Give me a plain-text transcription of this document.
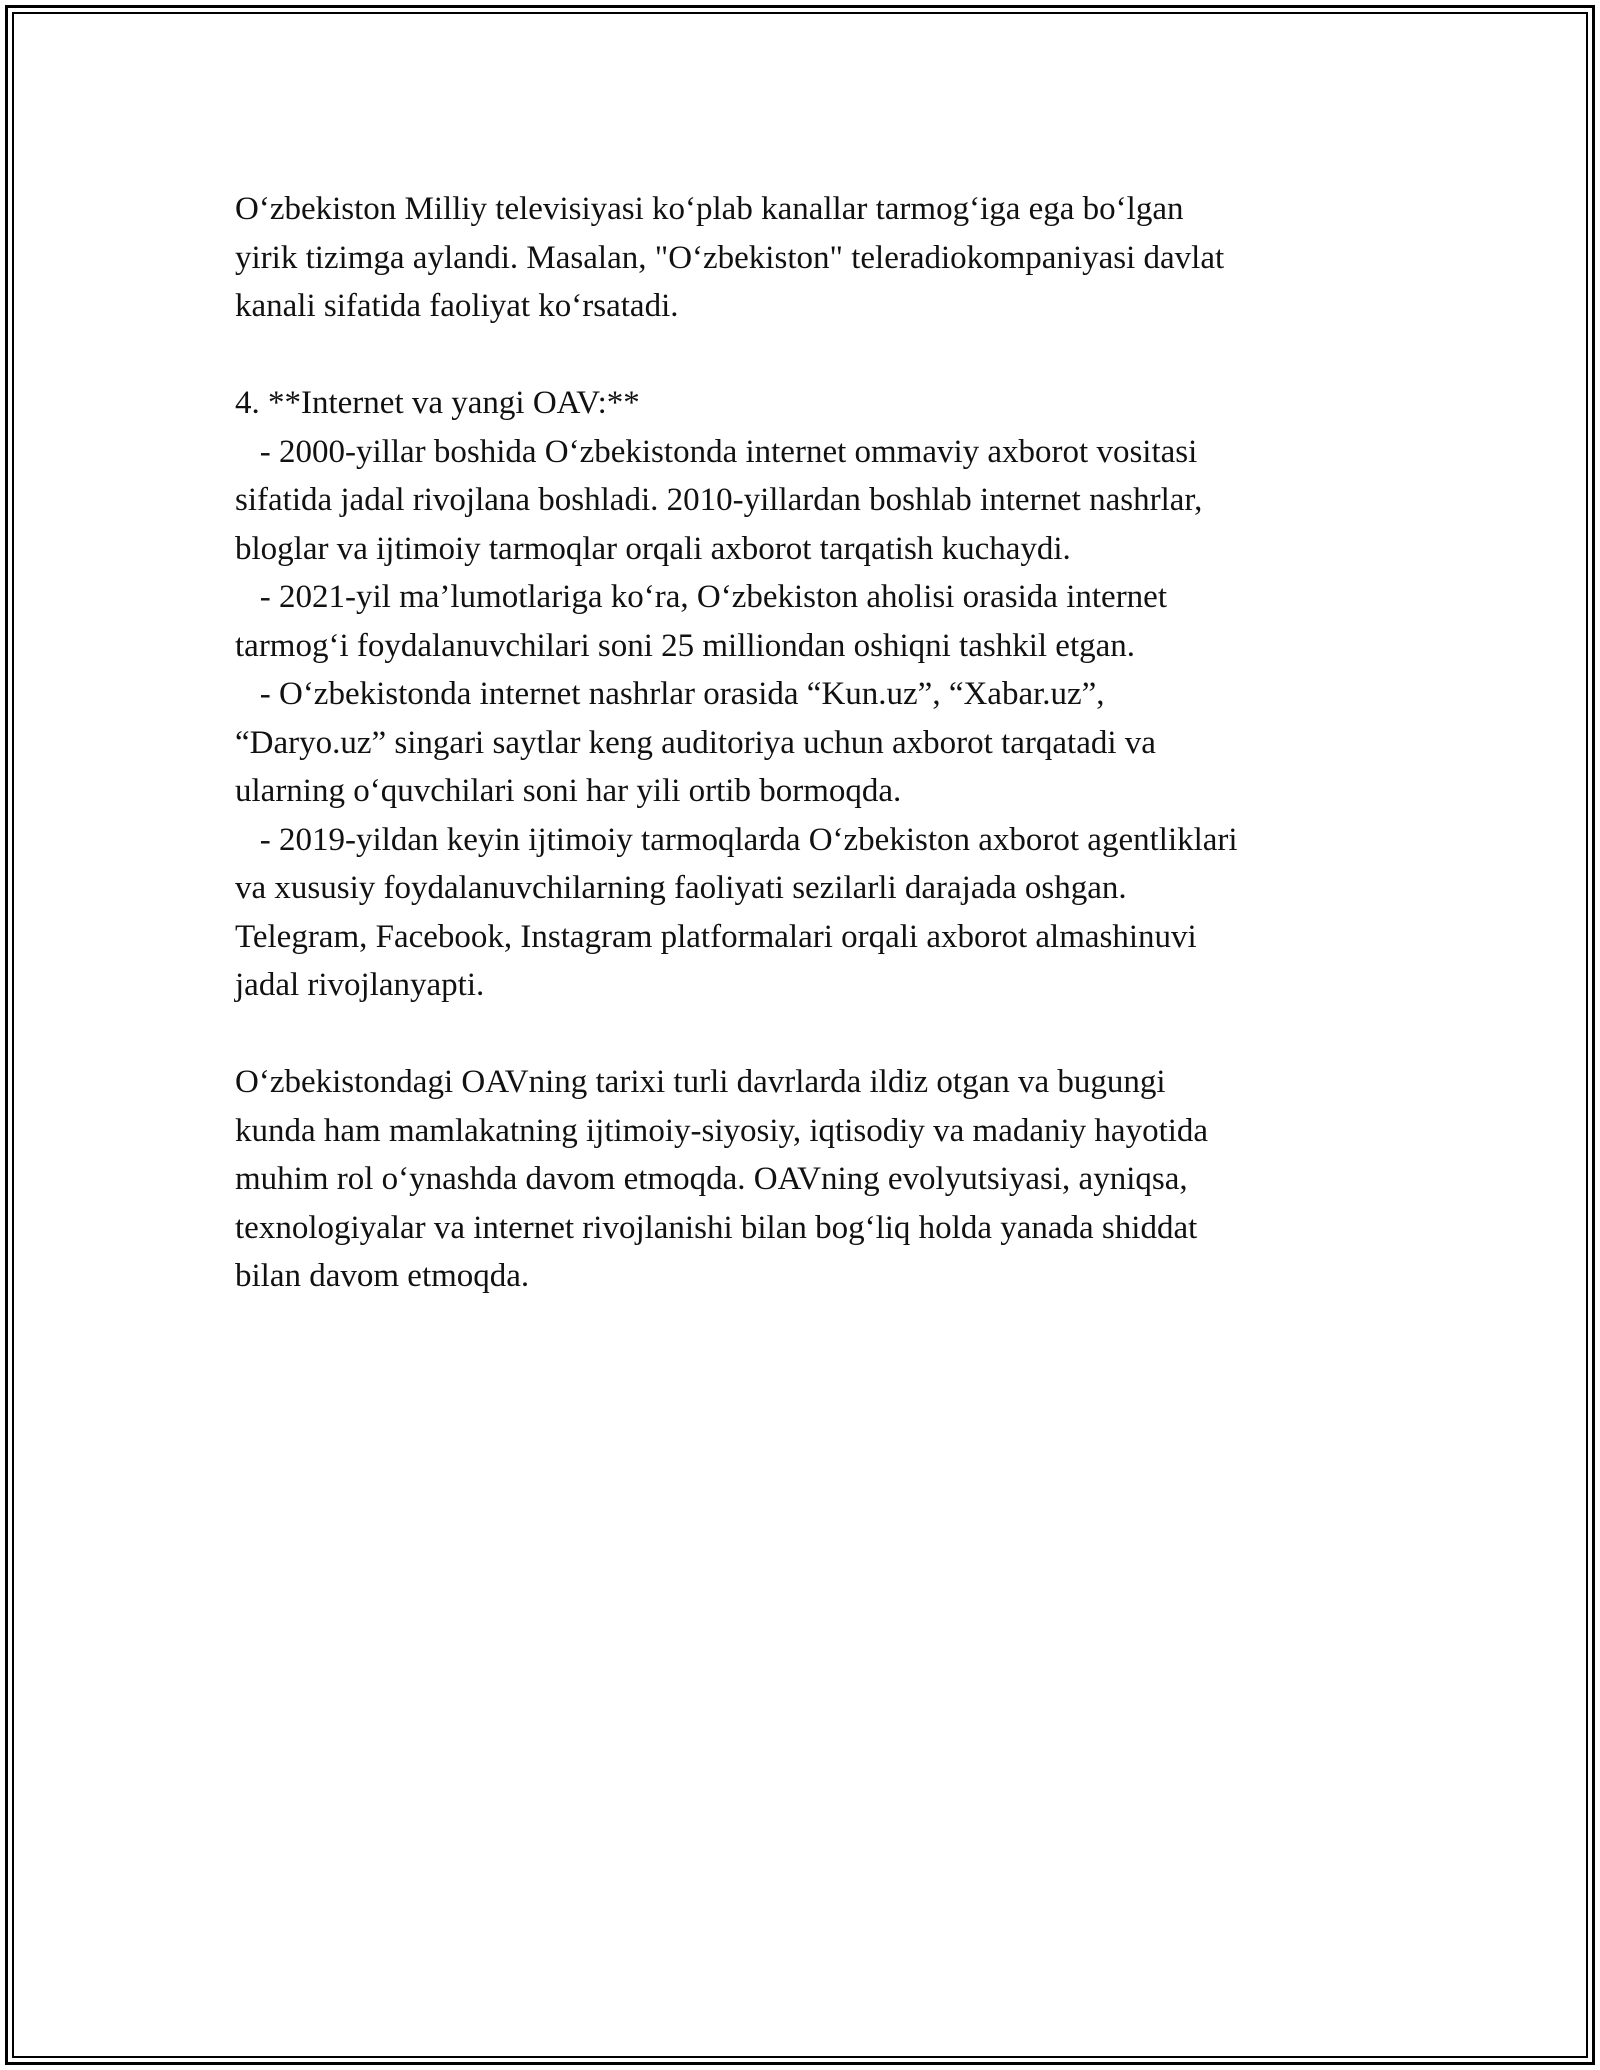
Oʻzbekiston Milliy televisiyasi koʻplab kanallar tarmogʻiga ega boʻlgan
yirik tizimga aylandi. Masalan, "Oʻzbekiston" teleradiokompaniyasi davlat
kanali sifatida faoliyat koʻrsatadi.

4. **Internet va yangi OAV:**

- 2000-yillar boshida Oʻzbekistonda internet ommaviy axborot vositasi
sifatida jadal rivojlana boshladi. 2010-yillardan boshlab internet nashrlar,
bloglar va ijtimoiy tarmoqlar orqali axborot tarqatish kuchaydi.

- 2021-yil ma’lumotlariga koʻra, Oʻzbekiston aholisi orasida internet
tarmogʻi foydalanuvchilari soni 25 milliondan oshiqni tashkil etgan.

- Oʻzbekistonda internet nashrlar orasida “Kun.uz”, “Xabar.uz”,
“Daryo.uz” singari saytlar keng auditoriya uchun axborot tarqatadi va
ularning oʻquvchilari soni har yili ortib bormoqda.

- 2019-yildan keyin ijtimoiy tarmoqlarda Oʻzbekiston axborot agentliklari
va xususiy foydalanuvchilarning faoliyati sezilarli darajada oshgan.
Telegram, Facebook, Instagram platformalari orqali axborot almashinuvi
jadal rivojlanyapti.

Oʻzbekistondagi OAVning tarixi turli davrlarda ildiz otgan va bugungi
kunda ham mamlakatning ijtimoiy-siyosiy, iqtisodiy va madaniy hayotida
muhim rol oʻynashda davom etmoqda. OAVning evolyutsiyasi, ayniqsa,
texnologiyalar va internet rivojlanishi bilan bogʻliq holda yanada shiddat
bilan davom etmoqda.
